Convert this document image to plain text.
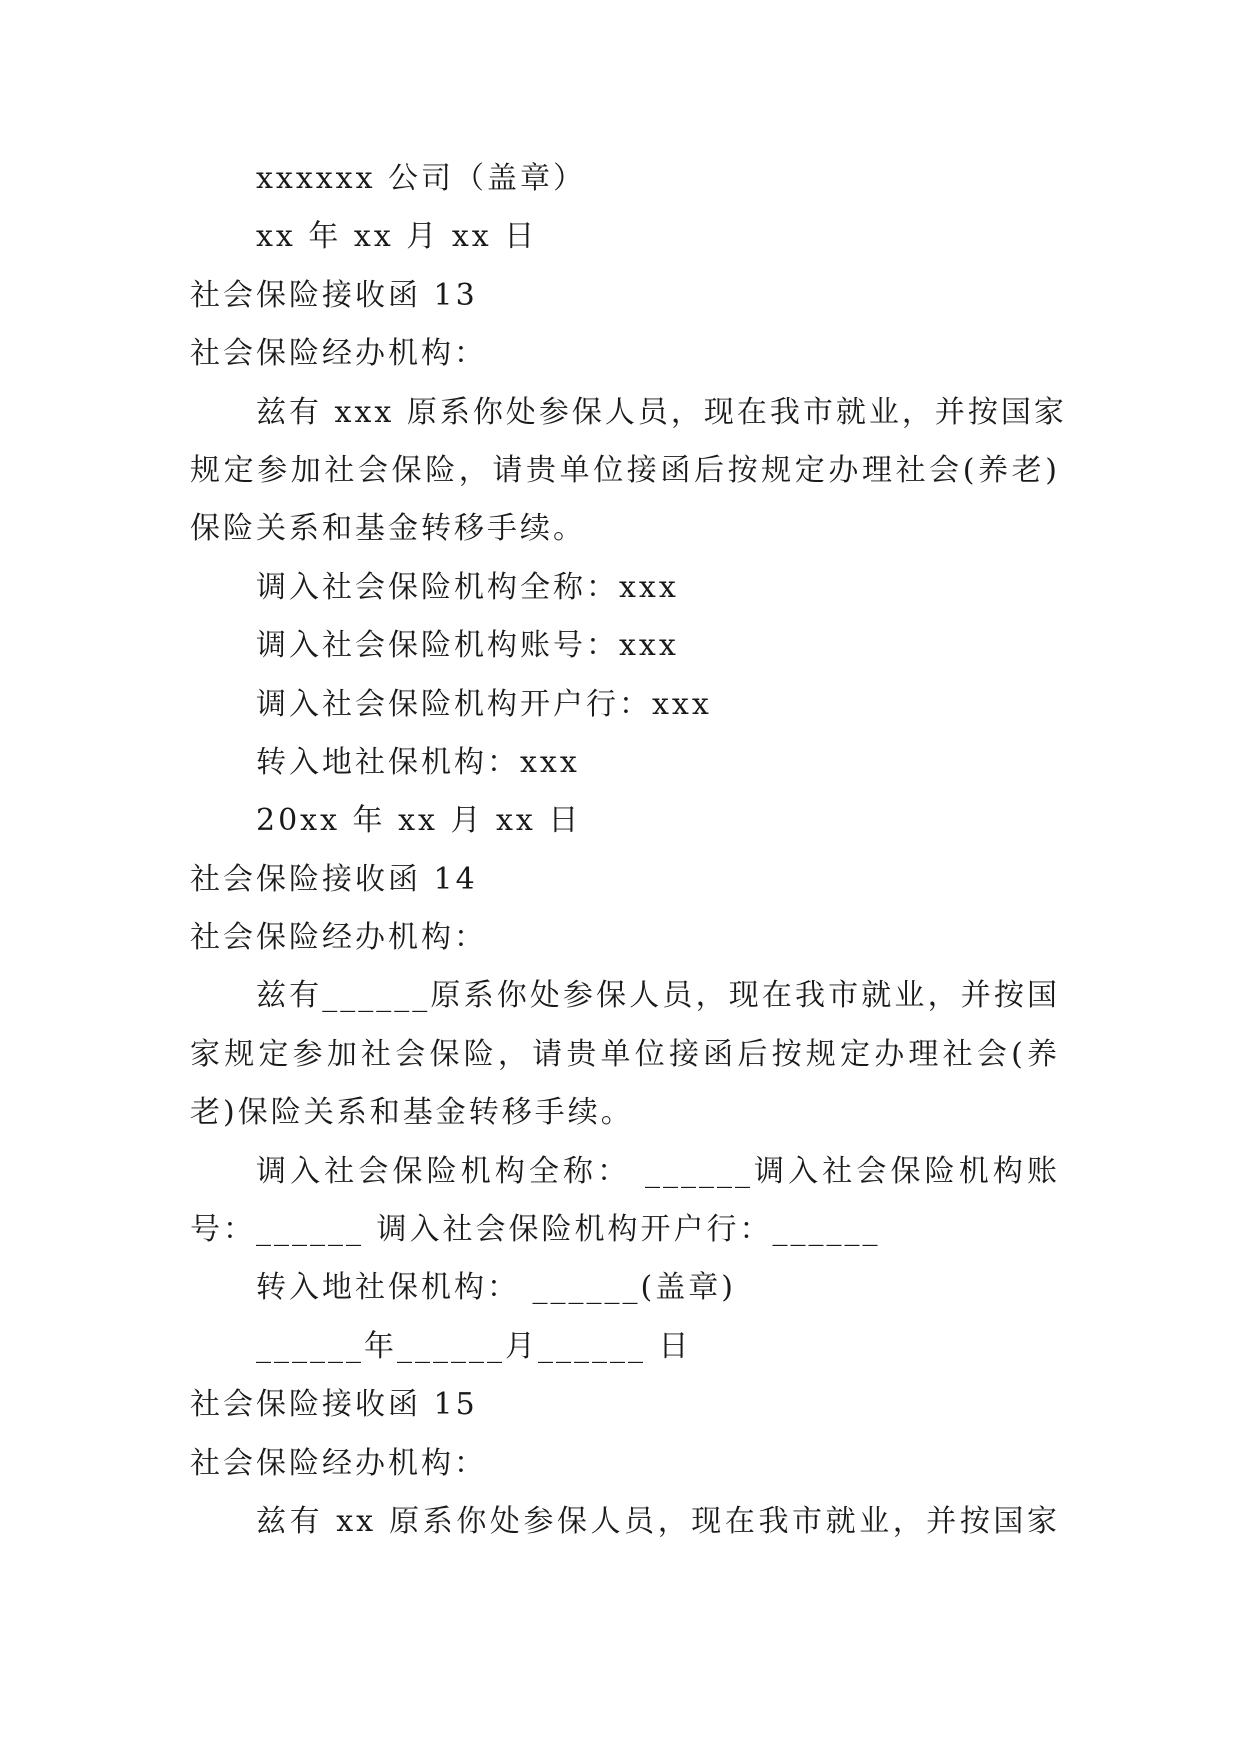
xxxxxx 公司（盖章）
xx 年 xx 月 xx 日
社会保险接收函 13
社会保险经办机构：
兹有 xxx 原系你处参保人员，现在我市就业，并按国家
规定参加社会保险，请贵单位接函后按规定办理社会(养老)
保险关系和基金转移手续。
调入社会保险机构全称：xxx
调入社会保险机构账号：xxx
调入社会保险机构开户行：xxx
转入地社保机构：xxx
20xx 年 xx 月 xx 日
社会保险接收函 14
社会保险经办机构：
兹有______原系你处参保人员，现在我市就业，并按国
家规定参加社会保险，请贵单位接函后按规定办理社会(养
老)保险关系和基金转移手续。
调入社会保险机构全称： ______调入社会保险机构账
号：______ 调入社会保险机构开户行：______
转入地社保机构： ______(盖章)
______年______月______ 日
社会保险接收函 15
社会保险经办机构：
兹有 xx 原系你处参保人员，现在我市就业，并按国家
